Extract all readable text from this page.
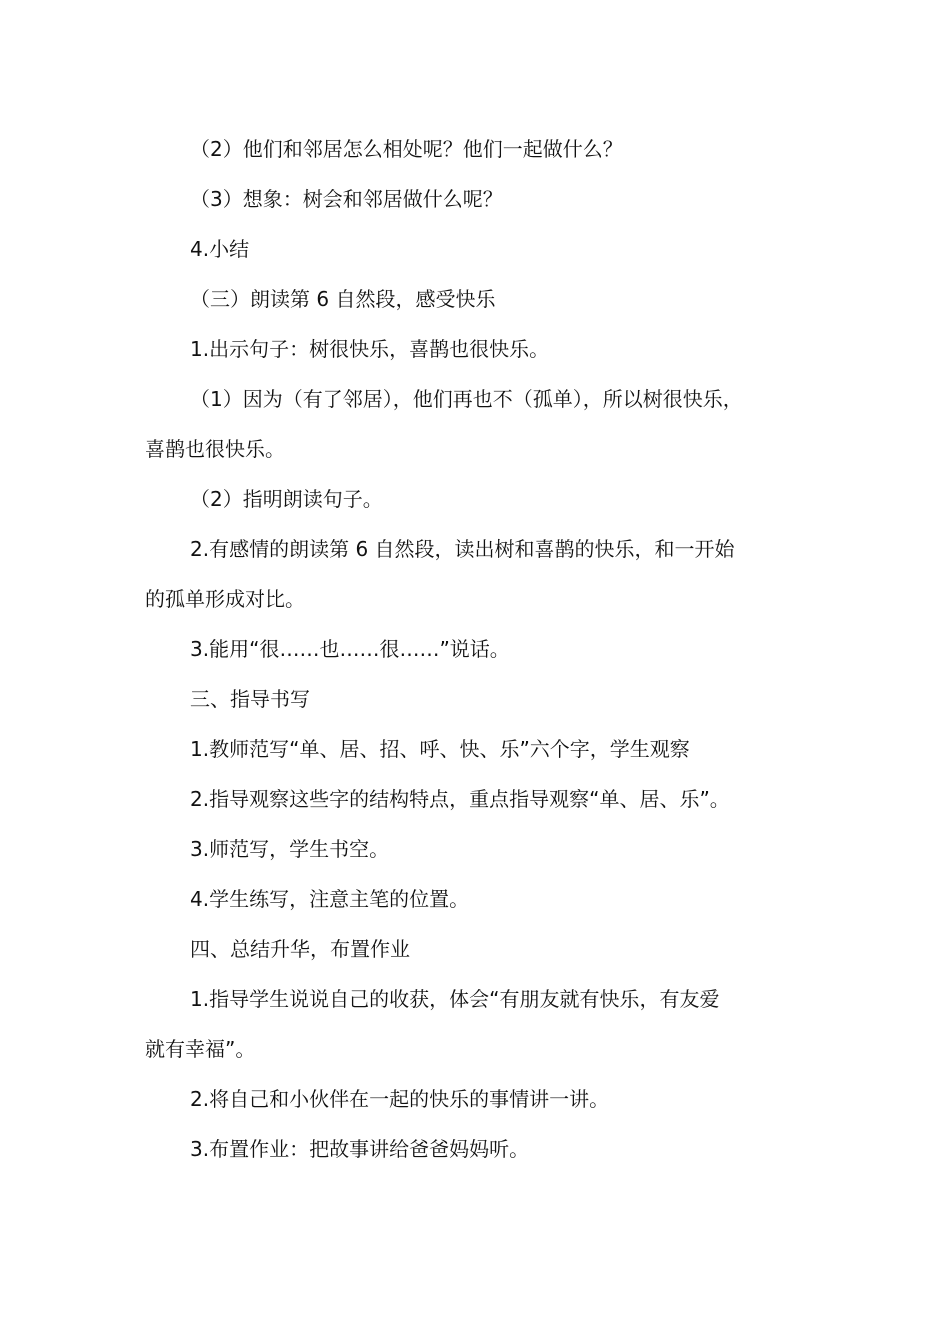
（2）他们和邻居怎么相处呢？他们一起做什么？
（3）想象：树会和邻居做什么呢？
4.小结
（三）朗读第 6 自然段，感受快乐
1.出示句子：树很快乐，喜鹊也很快乐。
（1）因为（有了邻居），他们再也不（孤单），所以树很快乐，
喜鹊也很快乐。
（2）指明朗读句子。
2.有感情的朗读第 6 自然段，读出树和喜鹊的快乐，和一开始
的孤单形成对比。
3.能用“很……也……很……”说话。
三、指导书写
1.教师范写“单、居、招、呼、快、乐”六个字，学生观察
2.指导观察这些字的结构特点，重点指导观察“单、居、乐”。
3.师范写，学生书空。
4.学生练写，注意主笔的位置。
四、总结升华，布置作业
1.指导学生说说自己的收获，体会“有朋友就有快乐，有友爱
就有幸福”。
2.将自己和小伙伴在一起的快乐的事情讲一讲。
3.布置作业：把故事讲给爸爸妈妈听。
